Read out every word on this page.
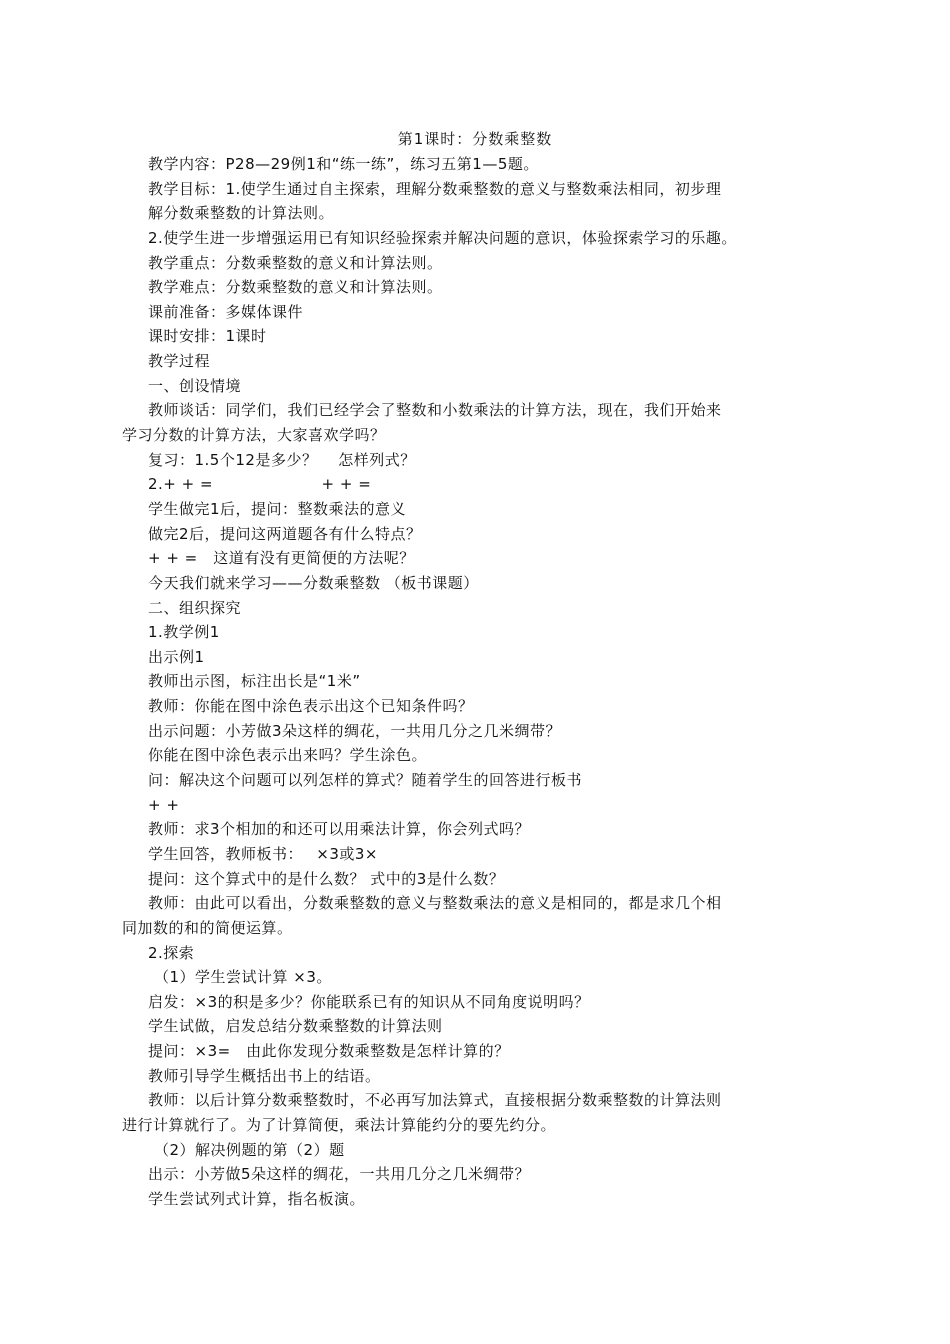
第1课时：分数乘整数
教学内容：P28—29例1和“练一练”，练习五第1—5题。
教学目标：1.使学生通过自主探索，理解分数乘整数的意义与整数乘法相同，初步理
解分数乘整数的计算法则。
2.使学生进一步增强运用已有知识经验探索并解决问题的意识，体验探索学习的乐趣。
教学重点：分数乘整数的意义和计算法则。
教学难点：分数乘整数的意义和计算法则。
课前准备：多媒体课件
课时安排：1课时
教学过程
一、创设情境
教师谈话：同学们，我们已经学会了整数和小数乘法的计算方法，现在，我们开始来
学习分数的计算方法，大家喜欢学吗？
复习：1.5个12是多少？　 怎样列式？
2.+ + =　　　　　　　+ + =
学生做完1后，提问：整数乘法的意义
做完2后，提问这两道题各有什么特点？
+ + =　这道有没有更简便的方法呢？
今天我们就来学习——分数乘整数 （板书课题）
二、组织探究
1.教学例1
出示例1
教师出示图，标注出长是“1米”
教师：你能在图中涂色表示出这个已知条件吗？
出示问题：小芳做3朵这样的绸花，一共用几分之几米绸带？
你能在图中涂色表示出来吗？学生涂色。
问：解决这个问题可以列怎样的算式？随着学生的回答进行板书
+ +
教师：求3个相加的和还可以用乘法计算，你会列式吗？
学生回答，教师板书：　 ×3或3×
提问：这个算式中的是什么数？ 式中的3是什么数？
教师：由此可以看出，分数乘整数的意义与整数乘法的意义是相同的，都是求几个相
同加数的和的简便运算。
2.探索
（1）学生尝试计算 ×3。
启发：×3的积是多少？你能联系已有的知识从不同角度说明吗？
学生试做，启发总结分数乘整数的计算法则
提问：×3=　由此你发现分数乘整数是怎样计算的？
教师引导学生概括出书上的结语。
教师：以后计算分数乘整数时，不必再写加法算式，直接根据分数乘整数的计算法则
进行计算就行了。为了计算简便，乘法计算能约分的要先约分。
（2）解决例题的第（2）题
出示：小芳做5朵这样的绸花，一共用几分之几米绸带？
学生尝试列式计算，指名板演。
